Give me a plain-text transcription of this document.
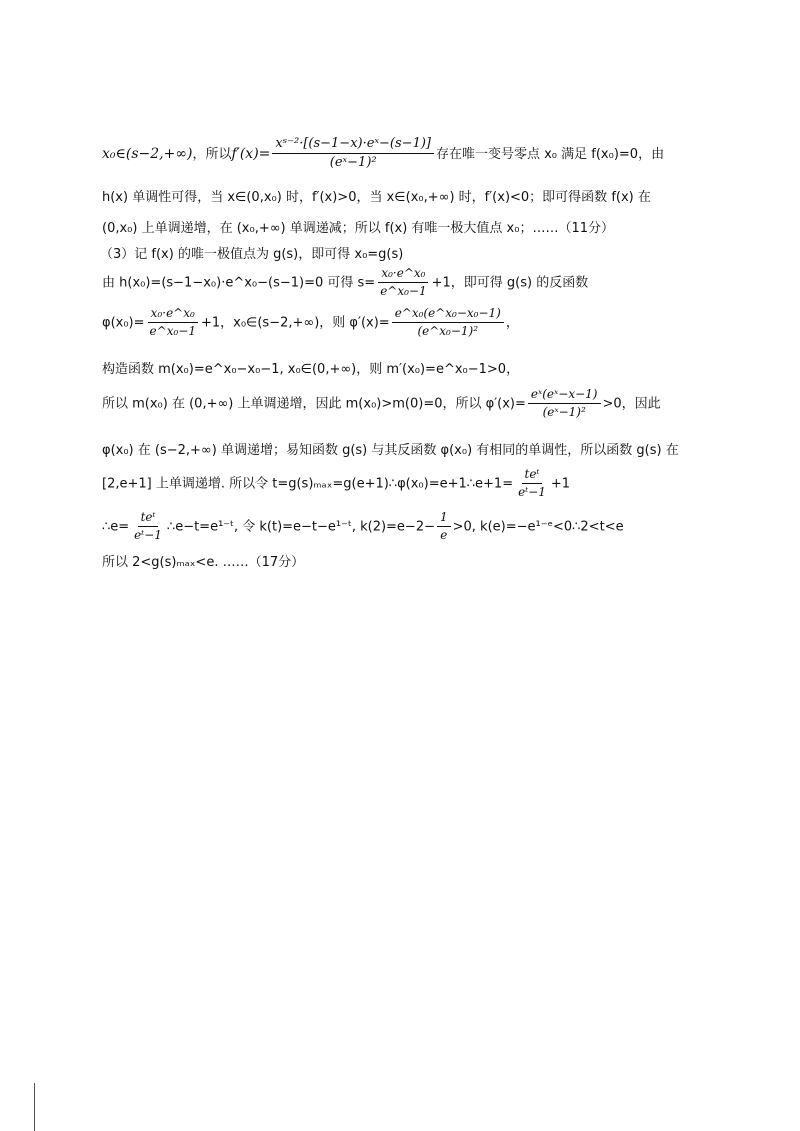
x₀∈(s−2,+∞)，所以$f'(x)= \frac{\text{xˢ⁻²·[(s−1−x)·eˣ−(s−1)]}}{\text{(eˣ−1)²}}$ 存在唯一变号零点 x₀ 满足 f(x₀)=0，由
h(x) 单调性可得，当 x∈(0,x₀) 时，f′(x)>0，当 x∈(x₀,+∞) 时，f′(x)<0；即可得函数 f(x) 在
(0,x₀) 上单调递增，在 (x₀,+∞) 单调递减；所以 f(x) 有唯一极大值点 x₀；……（11分）
（3）记 f(x) 的唯一极值点为 g(s)，即可得 x₀=g(s)
由 h(x₀)=(s−1−x₀)·e^x₀−(s−1)=0 可得 $s= \frac{\text{x₀·e\textasciicircum{}x₀}}{\text{e\textasciicircum{}x₀−1}} +1$，即可得 g(s) 的反函数
$\varphi(x_0)= \frac{\text{x₀·e\textasciicircum{}x₀}}{\text{e\textasciicircum{}x₀−1}} +1$，x₀∈(s−2,+∞)，则 $\varphi'(x)= \frac{\text{e\textasciicircum{}x₀(e\textasciicircum{}x₀−x₀−1)}}{\text{(e\textasciicircum{}x₀−1)²}}$ ，
构造函数 m(x₀)=e^x₀−x₀−1, x₀∈(0,+∞)，则 m′(x₀)=e^x₀−1>0，
所以 m(x₀) 在 (0,+∞) 上单调递增，因此 m(x₀)>m(0)=0，所以 $\varphi'(x)= \frac{\text{eˣ(eˣ−x−1)}}{\text{(eˣ−1)²}} >0$，因此
φ(x₀) 在 (s−2,+∞) 单调递增；易知函数 g(s) 与其反函数 φ(x₀) 有相同的单调性，所以函数 g(s) 在
[2,e+1] 上单调递增. 所以令 t=g(s)ₘₐₓ=g(e+1)∴φ(x₀)=e+1∴e+1= $\frac{\text{teᵗ}}{\text{eᵗ−1}} +1$
∴e= $\frac{\text{teᵗ}}{\text{eᵗ−1}}$ ∴e−t=e¹⁻ᵗ, 令 k(t)=e−t−e¹⁻ᵗ, $k(2)=e-2- \frac{1}{e} >0$, k(e)=−e¹⁻ᵉ<0∴2<t<e
所以 2<g(s)ₘₐₓ<e. ……（17分）
